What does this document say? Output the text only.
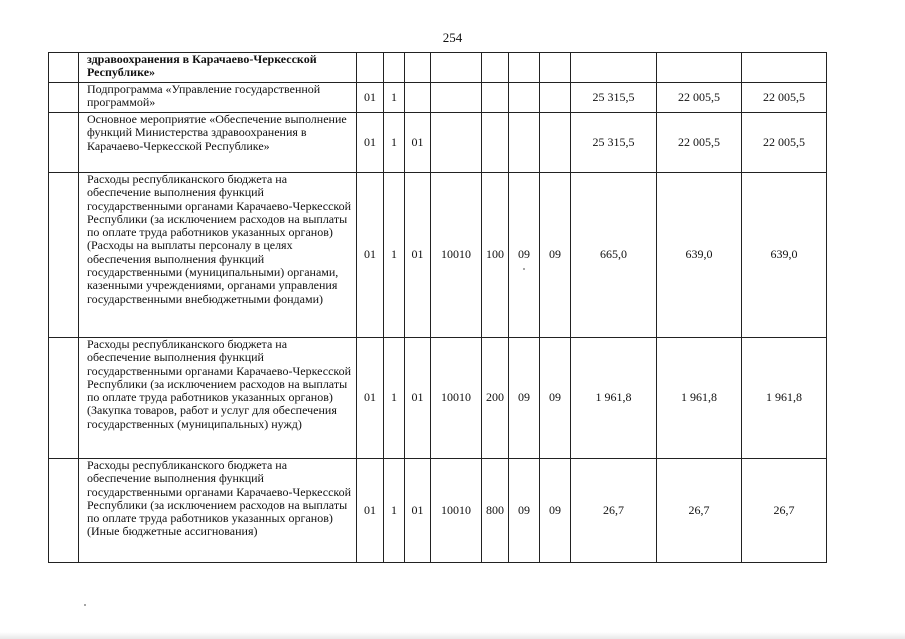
254
	здравоохранения в Карачаево-Черкесской Республике»										
	Подпрограмма «Управление государственной программой»	01	1						25 315,5	22 005,5	22 005,5
	Основное мероприятие «Обеспечение выполнение функций Министерства здравоохранения в Карачаево-Черкесской Республике»	01	1	01					25 315,5	22 005,5	22 005,5
	Расходы республиканского бюджета на обеспечение выполнения функций государственными органами Карачаево-Черкесской Республики (за исключением расходов на выплаты по оплате труда работников указанных органов) (Расходы на выплаты персоналу в целях обеспечения выполнения функций государственными (муниципальными) органами, казенными учреждениями, органами управления государственными внебюджетными фондами)	01	1	01	10010	100	09	09	665,0	639,0	639,0
	Расходы республиканского бюджета на обеспечение выполнения функций государственными органами Карачаево-Черкесской Республики (за исключением расходов на выплаты по оплате труда работников указанных органов) (Закупка товаров, работ и услуг для обеспечения государственных (муниципальных) нужд)	01	1	01	10010	200	09	09	1 961,8	1 961,8	1 961,8
	Расходы республиканского бюджета на обеспечение выполнения функций государственными органами Карачаево-Черкесской Республики (за исключением расходов на выплаты по оплате труда работников указанных органов) (Иные бюджетные ассигнования)	01	1	01	10010	800	09	09	26,7	26,7	26,7
